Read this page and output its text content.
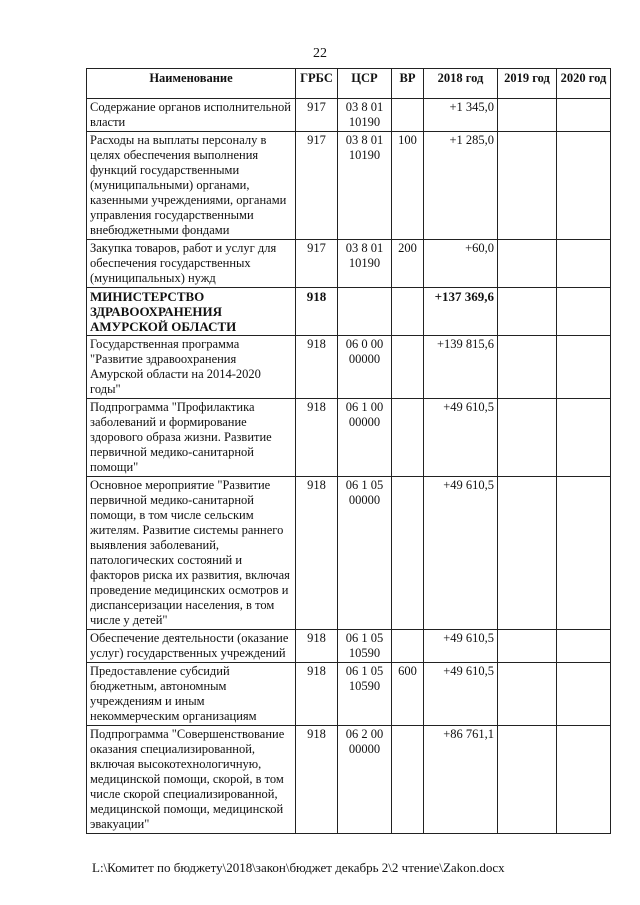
22
Наименование	ГРБС	ЦСР	ВР	2018 год	2019 год	2020 год
Содержание органов исполнительной власти	917	03 8 01 10190		+1 345,0		
Расходы на выплаты персоналу в целях обеспечения выполнения функций государственными (муниципальными) органами, казенными учреждениями, органами управления государственными внебюджетными фондами	917	03 8 01 10190	100	+1 285,0		
Закупка товаров, работ и услуг для обеспечения государственных (муниципальных) нужд	917	03 8 01 10190	200	+60,0		
МИНИСТЕРСТВО ЗДРАВООХРАНЕНИЯ АМУРСКОЙ ОБЛАСТИ	918			+137 369,6		
Государственная программа "Развитие здравоохранения Амурской области на 2014-2020 годы"	918	06 0 00 00000		+139 815,6		
Подпрограмма "Профилактика заболеваний и формирование здорового образа жизни. Развитие первичной медико-санитарной помощи"	918	06 1 00 00000		+49 610,5		
Основное мероприятие "Развитие первичной медико-санитарной помощи, в том числе сельским жителям. Развитие системы раннего выявления заболеваний, патологических состояний и факторов риска их развития, включая проведение медицинских осмотров и диспансеризации населения, в том числе у детей"	918	06 1 05 00000		+49 610,5		
Обеспечение деятельности (оказание услуг) государственных учреждений	918	06 1 05 10590		+49 610,5		
Предоставление субсидий бюджетным, автономным учреждениям и иным некоммерческим организациям	918	06 1 05 10590	600	+49 610,5		
Подпрограмма "Совершенствование оказания специализированной, включая высокотехнологичную, медицинской помощи, скорой, в том числе скорой специализированной, медицинской помощи, медицинской эвакуации"	918	06 2 00 00000		+86 761,1		
L:\Комитет по бюджету\2018\закон\бюджет декабрь 2\2 чтение\Zakon.docx
